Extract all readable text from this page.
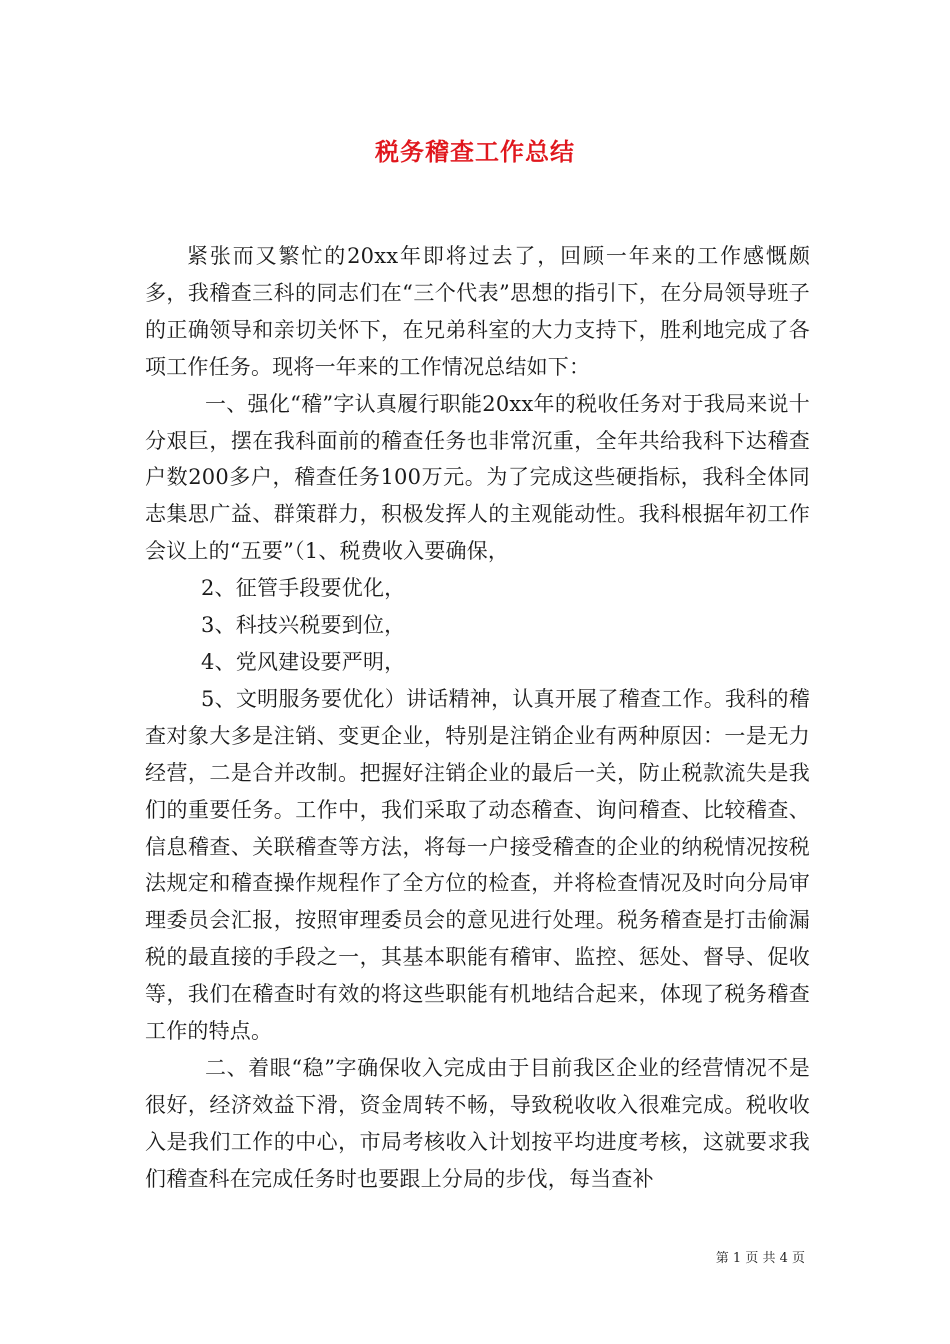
税务稽查工作总结

紧张而又繁忙的20xx年即将过去了，回顾一年来的工作感慨颇多，我稽查三科的同志们在“三个代表”思想的指引下，在分局领导班子的正确领导和亲切关怀下，在兄弟科室的大力支持下，胜利地完成了各项工作任务。现将一年来的工作情况总结如下：

一、强化“稽”字认真履行职能20xx年的税收任务对于我局来说十分艰巨，摆在我科面前的稽查任务也非常沉重，全年共给我科下达稽查户数200多户，稽查任务100万元。为了完成这些硬指标，我科全体同志集思广益、群策群力，积极发挥人的主观能动性。我科根据年初工作会议上的“五要”（1、税费收入要确保，

2、征管手段要优化，

3、科技兴税要到位，

4、党风建设要严明，

5、文明服务要优化）讲话精神，认真开展了稽查工作。我科的稽查对象大多是注销、变更企业，特别是注销企业有两种原因：一是无力经营，二是合并改制。把握好注销企业的最后一关，防止税款流失是我们的重要任务。工作中，我们采取了动态稽查、询问稽查、比较稽查、信息稽查、关联稽查等方法，将每一户接受稽查的企业的纳税情况按税法规定和稽查操作规程作了全方位的检查，并将检查情况及时向分局审理委员会汇报，按照审理委员会的意见进行处理。税务稽查是打击偷漏税的最直接的手段之一，其基本职能有稽审、监控、惩处、督导、促收等，我们在稽查时有效的将这些职能有机地结合起来，体现了税务稽查工作的特点。

二、着眼“稳”字确保收入完成由于目前我区企业的经营情况不是很好，经济效益下滑，资金周转不畅，导致税收收入很难完成。税收收入是我们工作的中心，市局考核收入计划按平均进度考核，这就要求我们稽查科在完成任务时也要跟上分局的步伐，每当查补

第 1 页 共 4 页
